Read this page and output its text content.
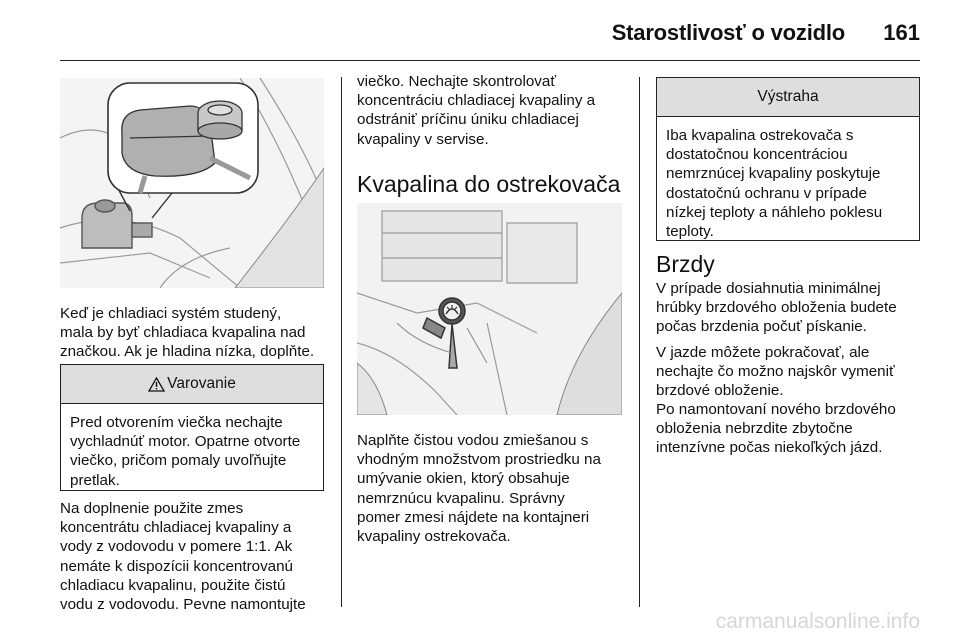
Starostlivosť o vozidlo 161

Keď je chladiaci systém studený,
mala by byť chladiaca kvapalina nad
značkou. Ak je hladina nízka, doplňte.

Varovanie
Pred otvorením viečka nechajte
vychladnúť motor. Opatrne otvorte
viečko, pričom pomaly uvoľňujte
pretlak.

Na doplnenie použite zmes
koncentrátu chladiacej kvapaliny a
vody z vodovodu v pomere 1:1. Ak
nemáte k dispozícii koncentrovanú
chladiacu kvapalinu, použite čistú
vodu z vodovodu. Pevne namontujte

viečko. Nechajte skontrolovať
koncentráciu chladiacej kvapaliny a
odstrániť príčinu úniku chladiacej
kvapaliny v servise.

Kvapalina do ostrekovača

Naplňte čistou vodou zmiešanou s
vhodným množstvom prostriedku na
umývanie okien, ktorý obsahuje
nemrznúcu kvapalinu. Správny
pomer zmesi nájdete na kontajneri
kvapaliny ostrekovača.

Výstraha
Iba kvapalina ostrekovača s
dostatočnou koncentráciou
nemrznúcej kvapaliny poskytuje
dostatočnú ochranu v prípade
nízkej teploty a náhleho poklesu
teploty.
Brzdy

V prípade dosiahnutia minimálnej
hrúbky brzdového obloženia budete
počas brzdenia počuť pískanie.

V jazde môžete pokračovať, ale
nechajte čo možno najskôr vymeniť
brzdové obloženie.

Po namontovaní nového brzdového
obloženia nebrzdite zbytočne
intenzívne počas niekoľkých jázd.

carmanualsonline.info
